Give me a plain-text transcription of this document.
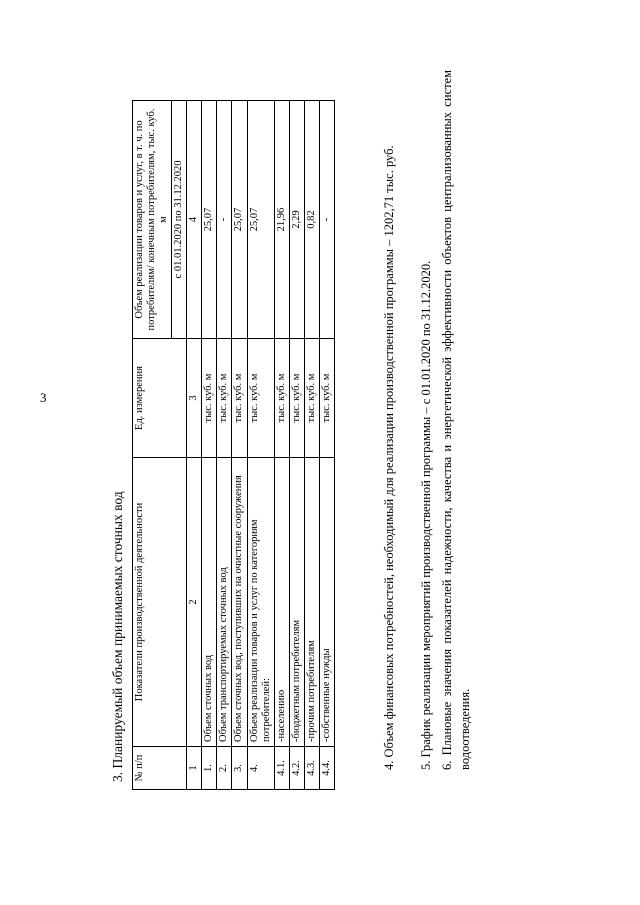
3
3. Планируемый объем принимаемых сточных вод № п/п	Показатели производственной деятельности	Ед. измерения	Объем реализации товаров и услуг, в т. ч. по потребителям/ конечным потребителям, тыс. куб. м
			с 01.01.2020 по 31.12.2020
1	2	3	4
1.	Объем сточных вод	тыс. куб. м	25,07
2.	Объем транспортируемых сточных вод	тыс. куб. м	-
3.	Объем сточных вод, поступивших на очистные сооружения	тыс. куб. м	25,07
4.	Объем реализации товаров и услуг по категориям потребителей:	тыс. куб. м	25,07
4.1.	-населению	тыс. куб. м	21,96
4.2.	-бюджетным потребителям	тыс. куб. м	2,29
4.3.	-прочим потребителям	тыс. куб. м	0,82
4.4.	-собственные нужды	тыс. куб. м	-	4. Объем финансовых потребностей, необходимый для реализации производственной программы – 1202,71 тыс. руб. 5. График реализации мероприятий производственной программы – с 01.01.2020 по 31.12.2020. 6. Плановые значения показателей надежности, качества и энергетической эффективности объектов централизованных систем водоотведения.
